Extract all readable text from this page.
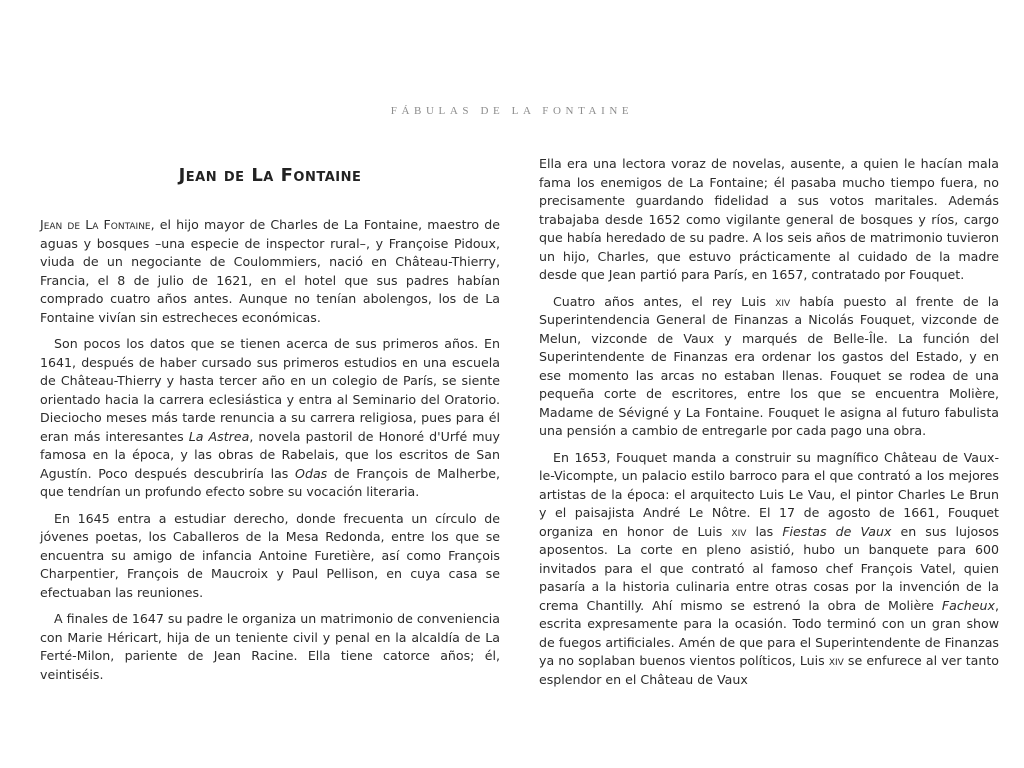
FÁBULAS DE LA FONTAINE
Jean de La Fontaine

Jean de La Fontaine, el hijo mayor de Charles de La Fontaine, maestro de aguas y bosques –una especie de inspector rural–, y Françoise Pidoux, viuda de un negociante de Coulommiers, nació en Château-Thierry, Francia, el 8 de julio de 1621, en el hotel que sus padres habían comprado cuatro años antes. Aunque no tenían abolengos, los de La Fontaine vivían sin estrecheces económicas.

Son pocos los datos que se tienen acerca de sus primeros años. En 1641, después de haber cursado sus primeros estudios en una escuela de Château-Thierry y hasta tercer año en un colegio de París, se siente orientado hacia la carrera eclesiástica y entra al Seminario del Oratorio. Dieciocho meses más tarde renuncia a su carrera religiosa, pues para él eran más interesantes La Astrea, novela pastoril de Honoré d'Urfé muy famosa en la época, y las obras de Rabelais, que los escritos de San Agustín. Poco después descubriría las Odas de François de Malherbe, que tendrían un profundo efecto sobre su vocación literaria.

En 1645 entra a estudiar derecho, donde frecuenta un círculo de jóvenes poetas, los Caballeros de la Mesa Redonda, entre los que se encuentra su amigo de infancia Antoine Furetière, así como François Charpentier, François de Maucroix y Paul Pellison, en cuya casa se efectuaban las reuniones.

A finales de 1647 su padre le organiza un matrimonio de conveniencia con Marie Héricart, hija de un teniente civil y penal en la alcaldía de La Ferté-Milon, pariente de Jean Racine. Ella tiene catorce años; él, veintiséis.

Ella era una lectora voraz de novelas, ausente, a quien le hacían mala fama los enemigos de La Fontaine; él pasaba mucho tiempo fuera, no precisamente guardando fidelidad a sus votos maritales. Además trabajaba desde 1652 como vigilante general de bosques y ríos, cargo que había heredado de su padre. A los seis años de matrimonio tuvieron un hijo, Charles, que estuvo prácticamente al cuidado de la madre desde que Jean partió para París, en 1657, contratado por Fouquet.

Cuatro años antes, el rey Luis xiv había puesto al frente de la Superintendencia General de Finanzas a Nicolás Fouquet, vizconde de Melun, vizconde de Vaux y marqués de Belle-Île. La función del Superintendente de Finanzas era ordenar los gastos del Estado, y en ese momento las arcas no estaban llenas. Fouquet se rodea de una pequeña corte de escritores, entre los que se encuentra Molière, Madame de Sévigné y La Fontaine. Fouquet le asigna al futuro fabulista una pensión a cambio de entregarle por cada pago una obra.

En 1653, Fouquet manda a construir su magnífico Château de Vaux-le-Vicompte, un palacio estilo barroco para el que contrató a los mejores artistas de la época: el arquitecto Luis Le Vau, el pintor Charles Le Brun y el paisajista André Le Nôtre. El 17 de agosto de 1661, Fouquet organiza en honor de Luis xiv las Fiestas de Vaux en sus lujosos aposentos. La corte en pleno asistió, hubo un banquete para 600 invitados para el que contrató al famoso chef François Vatel, quien pasaría a la historia culinaria entre otras cosas por la invención de la crema Chantilly. Ahí mismo se estrenó la obra de Molière Facheux, escrita expresamente para la ocasión. Todo terminó con un gran show de fuegos artificiales. Amén de que para el Superintendente de Finanzas ya no soplaban buenos vientos políticos, Luis xiv se enfurece al ver tanto esplendor en el Château de Vaux
